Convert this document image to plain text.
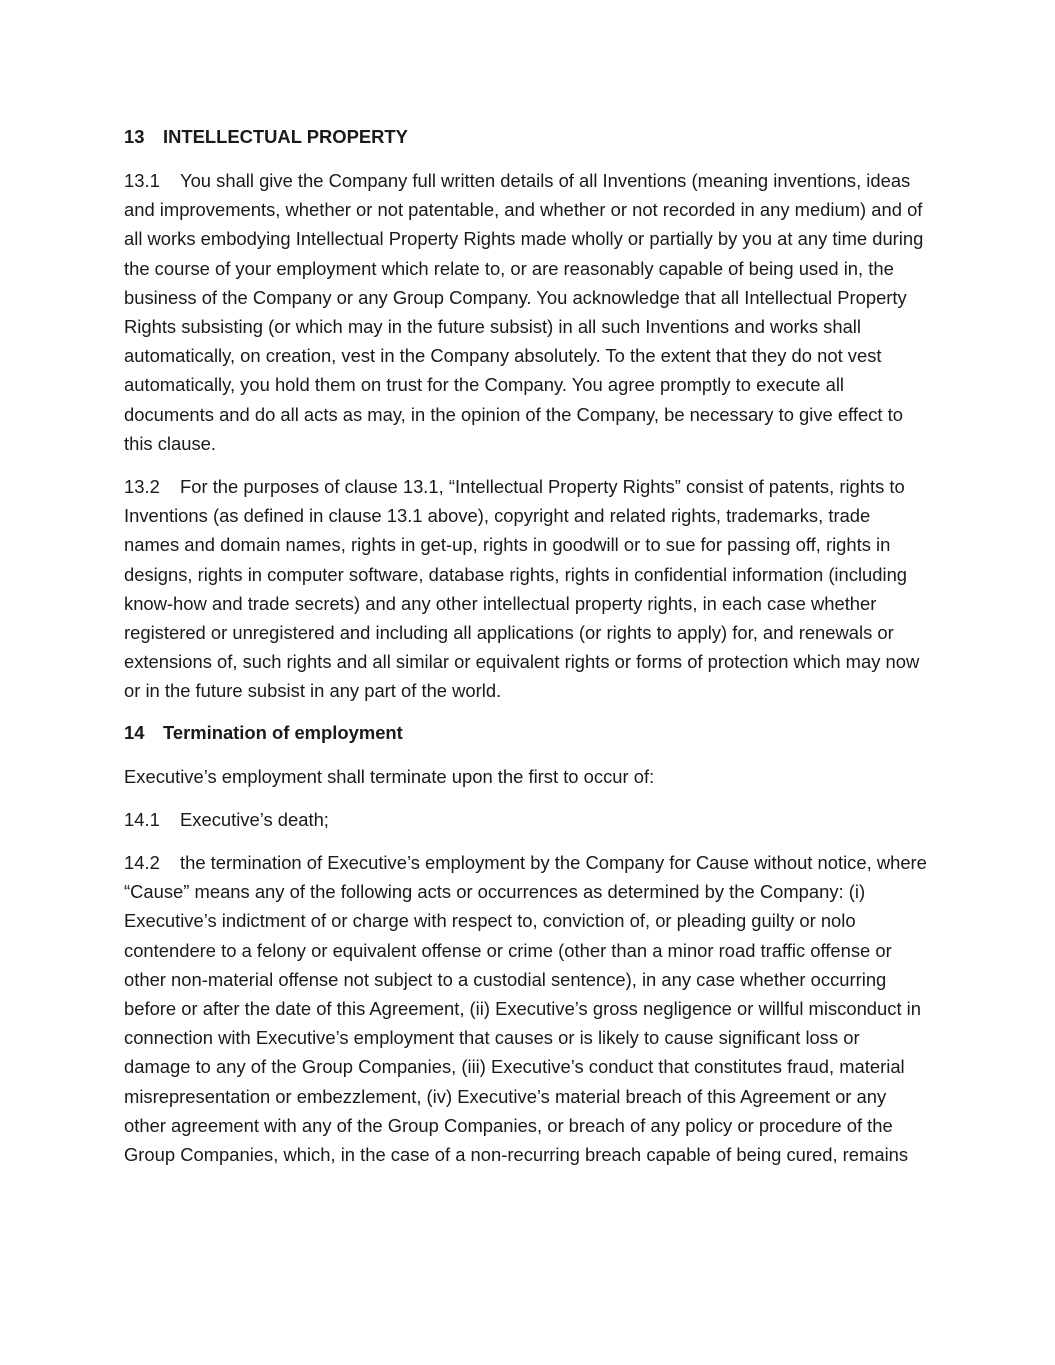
13 INTELLECTUAL PROPERTY

13.1 You shall give the Company full written details of all Inventions (meaning inventions, ideas and improvements, whether or not patentable, and whether or not recorded in any medium) and of all works embodying Intellectual Property Rights made wholly or partially by you at any time during the course of your employment which relate to, or are reasonably capable of being used in, the business of the Company or any Group Company. You acknowledge that all Intellectual Property Rights subsisting (or which may in the future subsist) in all such Inventions and works shall automatically, on creation, vest in the Company absolutely. To the extent that they do not vest automatically, you hold them on trust for the Company. You agree promptly to execute all documents and do all acts as may, in the opinion of the Company, be necessary to give effect to this clause.

13.2 For the purposes of clause 13.1, “Intellectual Property Rights” consist of patents, rights to Inventions (as defined in clause 13.1 above), copyright and related rights, trademarks, trade names and domain names, rights in get-up, rights in goodwill or to sue for passing off, rights in designs, rights in computer software, database rights, rights in confidential information (including know-how and trade secrets) and any other intellectual property rights, in each case whether registered or unregistered and including all applications (or rights to apply) for, and renewals or extensions of, such rights and all similar or equivalent rights or forms of protection which may now or in the future subsist in any part of the world.

14 Termination of employment

Executive’s employment shall terminate upon the first to occur of:

14.1 Executive’s death;

14.2 the termination of Executive’s employment by the Company for Cause without notice, where “Cause” means any of the following acts or occurrences as determined by the Company: (i) Executive’s indictment of or charge with respect to, conviction of, or pleading guilty or nolo contendere to a felony or equivalent offense or crime (other than a minor road traffic offense or other non-material offense not subject to a custodial sentence), in any case whether occurring before or after the date of this Agreement, (ii) Executive’s gross negligence or willful misconduct in connection with Executive’s employment that causes or is likely to cause significant loss or damage to any of the Group Companies, (iii) Executive’s conduct that constitutes fraud, material misrepresentation or embezzlement, (iv) Executive’s material breach of this Agreement or any other agreement with any of the Group Companies, or breach of any policy or procedure of the Group Companies, which, in the case of a non-recurring breach capable of being cured, remains
